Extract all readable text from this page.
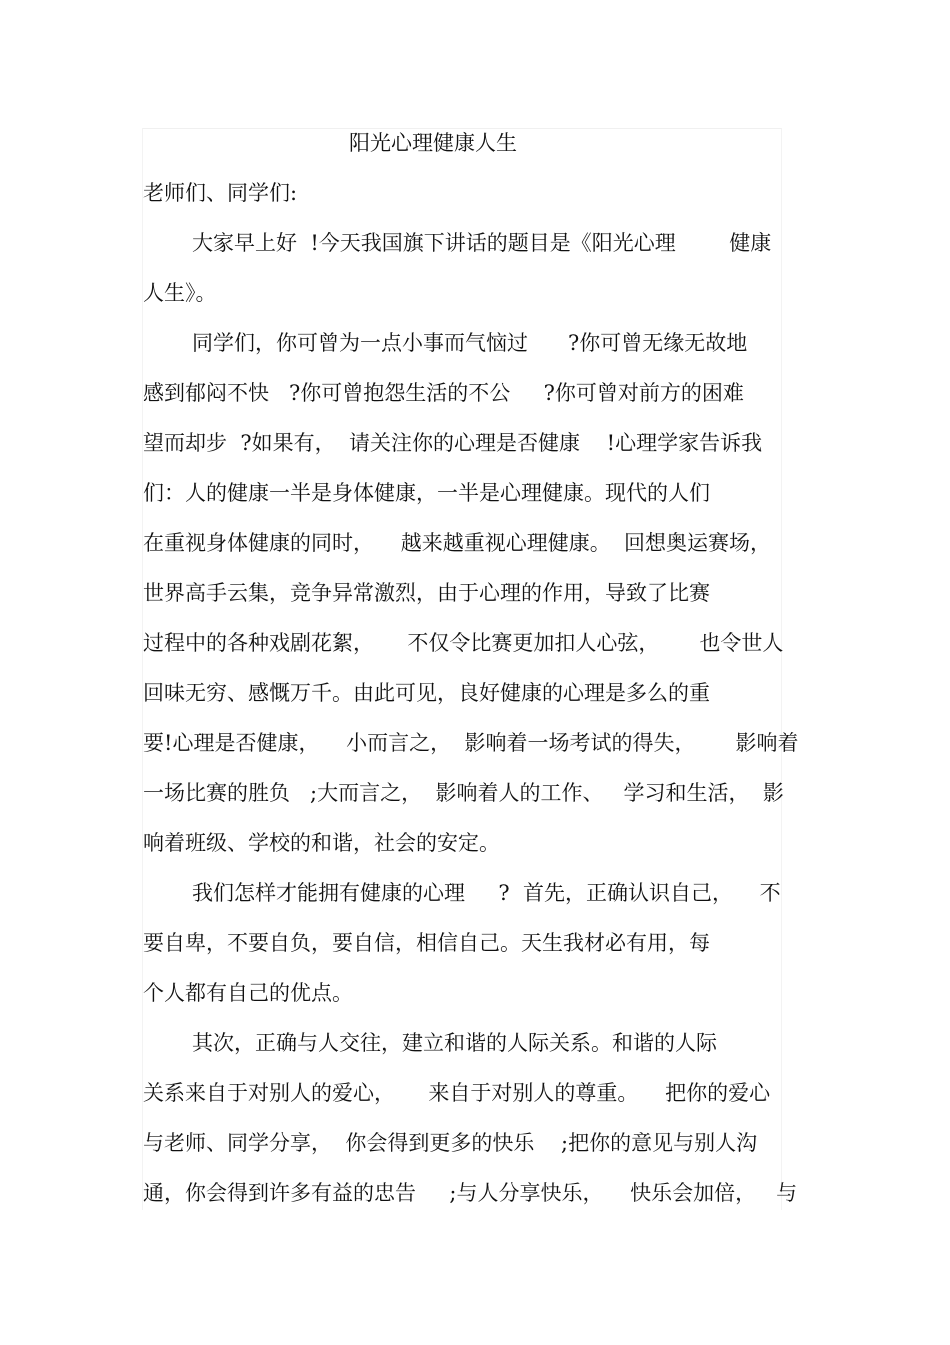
阳光心理健康人生
老师们、同学们:
大家早上好  !今天我国旗下讲话的题目是《阳光心理        健康
人生》。
同学们，你可曾为一点小事而气恼过      ?你可曾无缘无故地
感到郁闷不快   ?你可曾抱怨生活的不公     ?你可曾对前方的困难
望而却步  ?如果有，  请关注你的心理是否健康    !心理学家告诉我
们：人的健康一半是身体健康，一半是心理健康。现代的人们
在重视身体健康的同时，    越来越重视心理健康。  回想奥运赛场，
世界高手云集，竞争异常激烈，由于心理的作用，导致了比赛
过程中的各种戏剧花絮，     不仅令比赛更加扣人心弦，      也令世人
回味无穷、感慨万千。由此可见，良好健康的心理是多么的重
要!心理是否健康，    小而言之，  影响着一场考试的得失，      影响着
一场比赛的胜负   ;大而言之，  影响着人的工作、   学习和生活，  影
响着班级、学校的和谐，社会的安定。
我们怎样才能拥有健康的心理     ?  首先，正确认识自己，    不
要自卑，不要自负，要自信，相信自己。天生我材必有用，每
个人都有自己的优点。
其次，正确与人交往，建立和谐的人际关系。和谐的人际
关系来自于对别人的爱心，     来自于对别人的尊重。    把你的爱心
与老师、同学分享，  你会得到更多的快乐    ;把你的意见与别人沟
通，你会得到许多有益的忠告     ;与人分享快乐，    快乐会加倍，   与
